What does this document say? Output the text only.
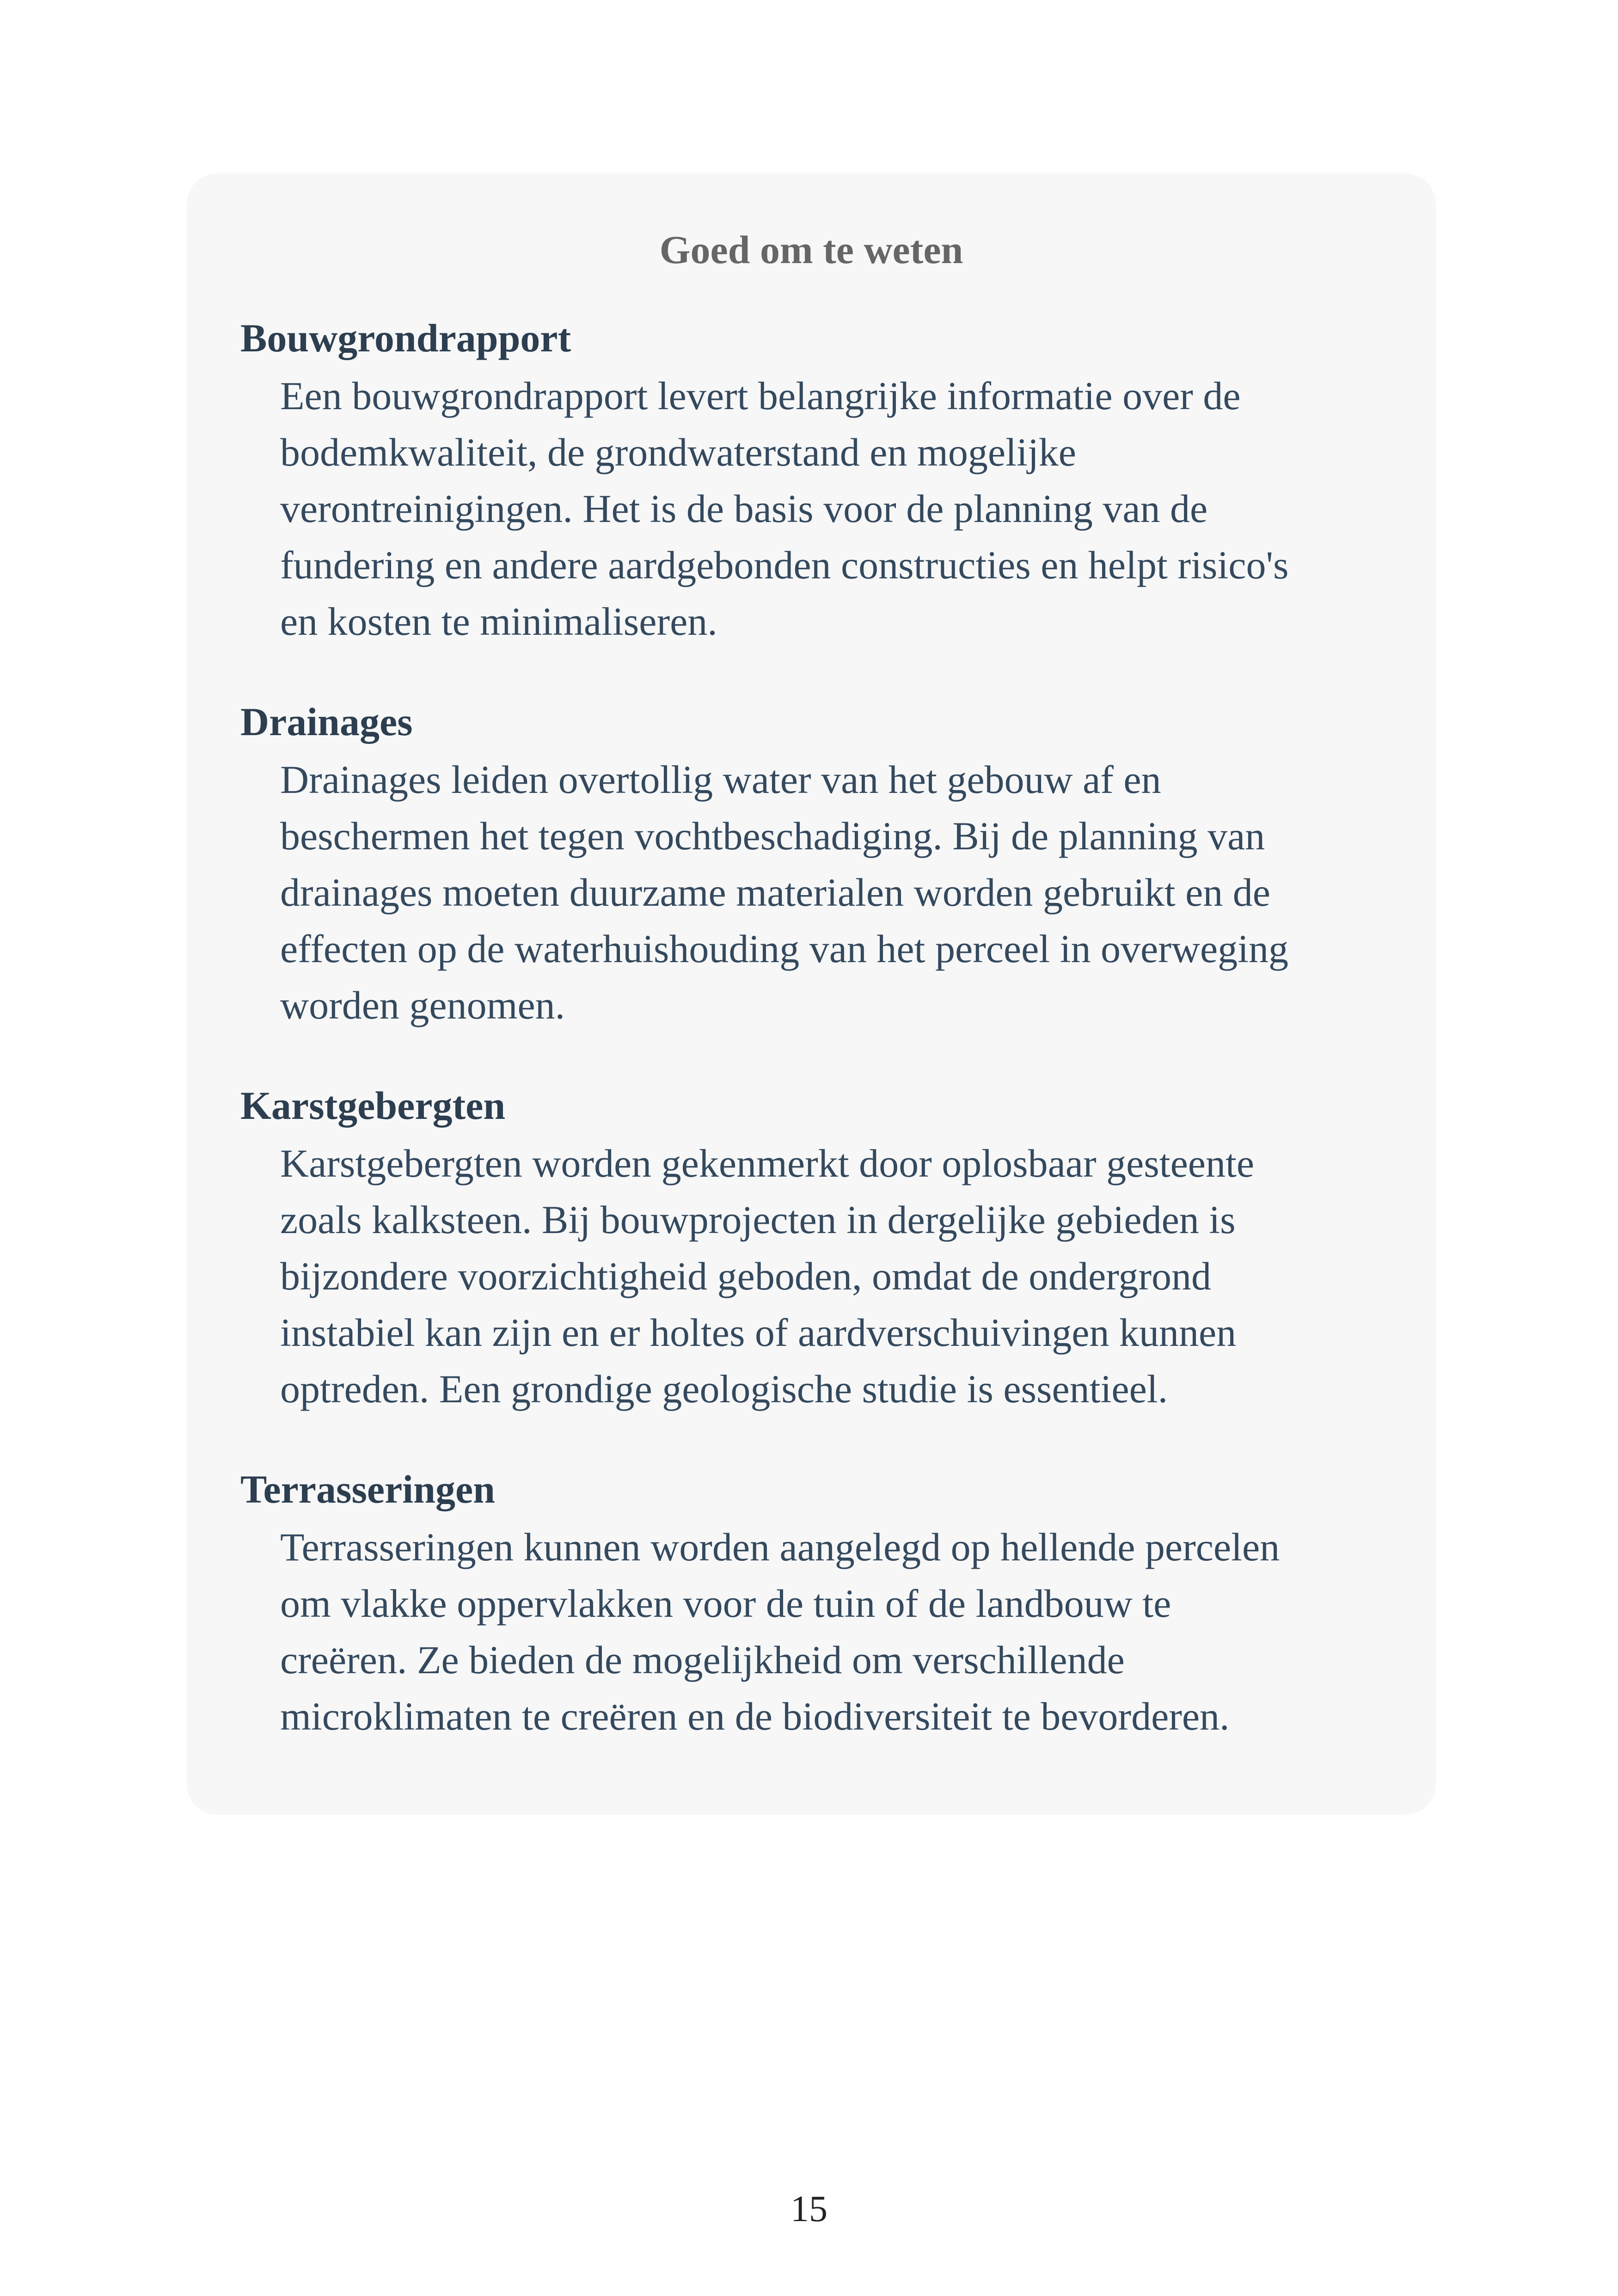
Goed om te weten
Bouwgrondrapport

Een bouwgrondrapport levert belangrijke informatie over de
bodemkwaliteit, de grondwaterstand en mogelijke
verontreinigingen. Het is de basis voor de planning van de
fundering en andere aardgebonden constructies en helpt risico's
en kosten te minimaliseren.

Drainages

Drainages leiden overtollig water van het gebouw af en
beschermen het tegen vochtbeschadiging. Bij de planning van
drainages moeten duurzame materialen worden gebruikt en de
effecten op de waterhuishouding van het perceel in overweging
worden genomen.

Karstgebergten

Karstgebergten worden gekenmerkt door oplosbaar gesteente
zoals kalksteen. Bij bouwprojecten in dergelijke gebieden is
bijzondere voorzichtigheid geboden, omdat de ondergrond
instabiel kan zijn en er holtes of aardverschuivingen kunnen
optreden. Een grondige geologische studie is essentieel.

Terrasseringen

Terrasseringen kunnen worden aangelegd op hellende percelen
om vlakke oppervlakken voor de tuin of de landbouw te
creëren. Ze bieden de mogelijkheid om verschillende
microklimaten te creëren en de biodiversiteit te bevorderen.

15
